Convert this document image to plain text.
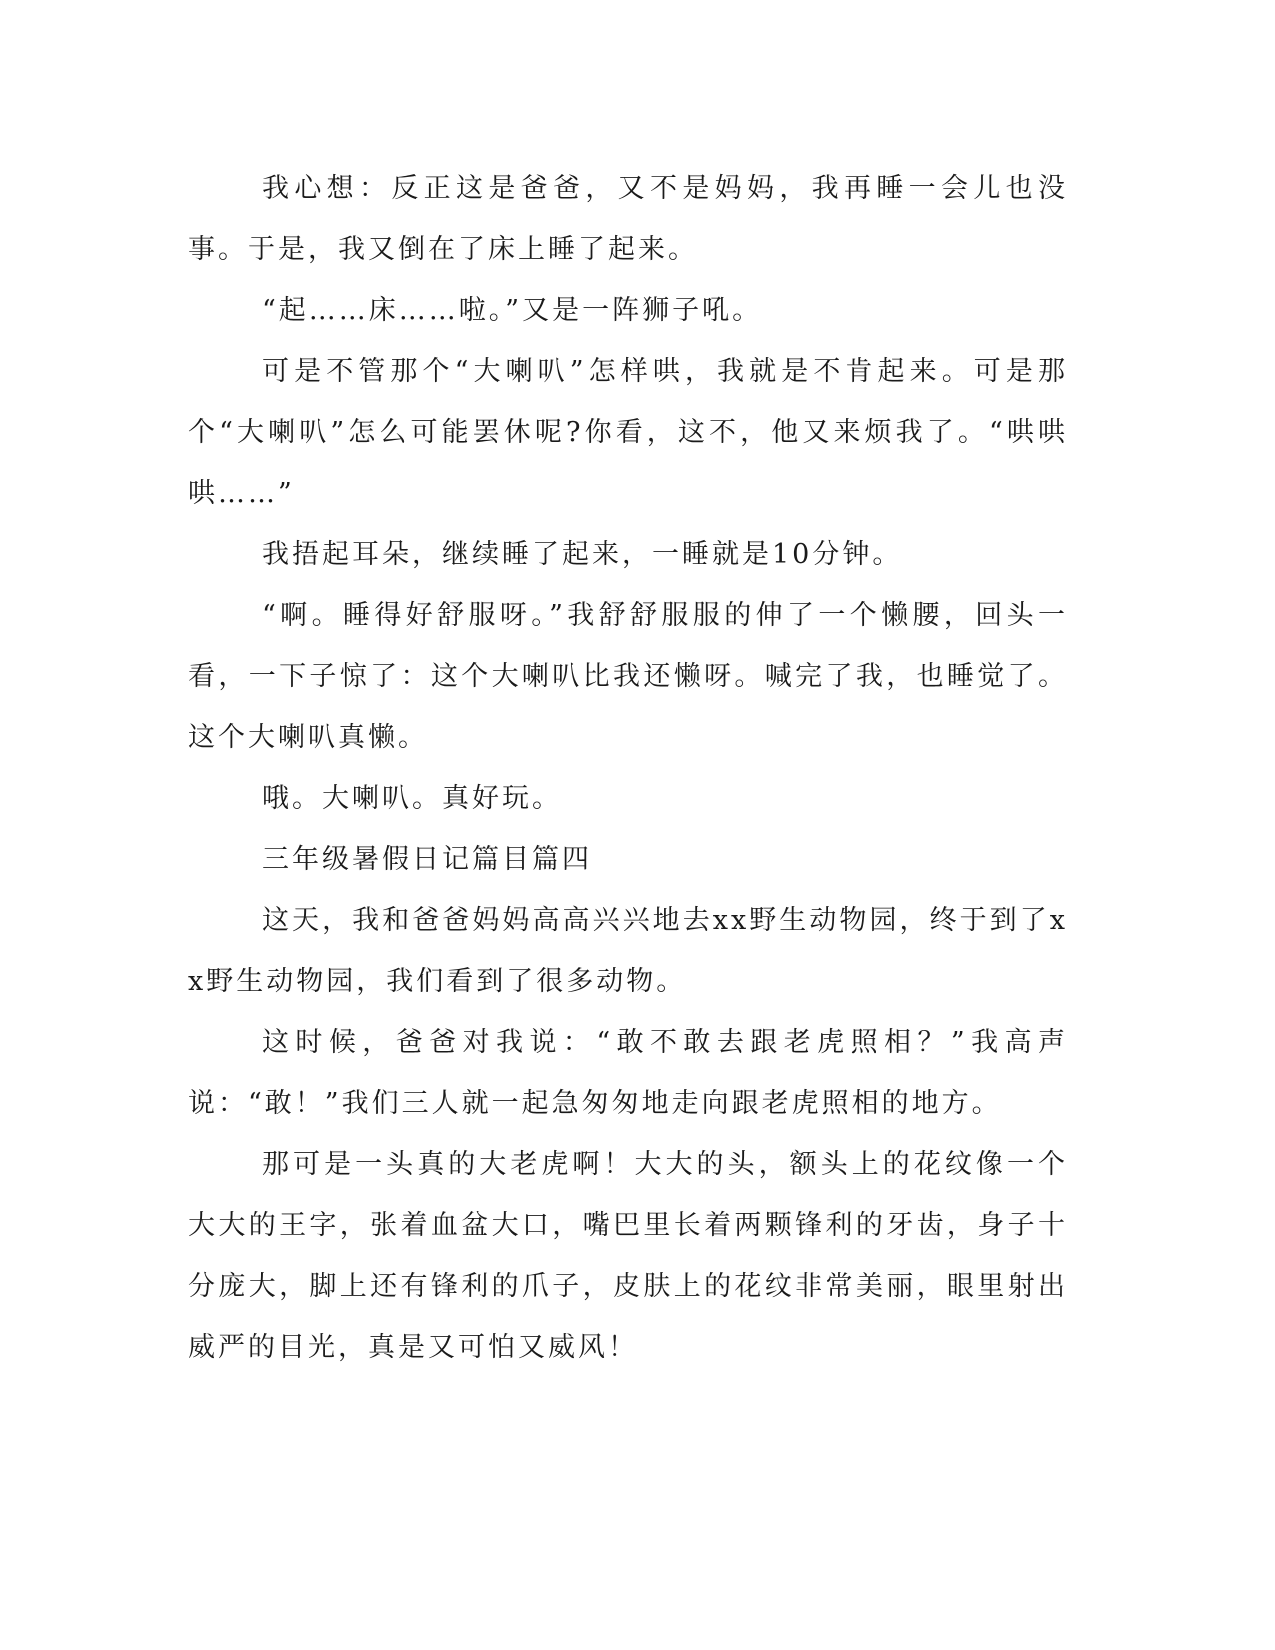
我心想：反正这是爸爸，又不是妈妈，我再睡一会儿也没事。于是，我又倒在了床上睡了起来。

“起……床……啦。”又是一阵狮子吼。

可是不管那个“大喇叭”怎样哄，我就是不肯起来。可是那个“大喇叭”怎么可能罢休呢?你看，这不，他又来烦我了。“哄哄哄……”

我捂起耳朵，继续睡了起来，一睡就是10分钟。

“啊。睡得好舒服呀。”我舒舒服服的伸了一个懒腰，回头一看，一下子惊了：这个大喇叭比我还懒呀。喊完了我，也睡觉了。这个大喇叭真懒。

哦。大喇叭。真好玩。

三年级暑假日记篇目篇四

这天，我和爸爸妈妈高高兴兴地去xx野生动物园，终于到了xx野生动物园，我们看到了很多动物。

这时候，爸爸对我说：“敢不敢去跟老虎照相？”我高声说：“敢！”我们三人就一起急匆匆地走向跟老虎照相的地方。

那可是一头真的大老虎啊！大大的头，额头上的花纹像一个大大的王字，张着血盆大口，嘴巴里长着两颗锋利的牙齿，身子十分庞大，脚上还有锋利的爪子，皮肤上的花纹非常美丽，眼里射出威严的目光，真是又可怕又威风！
